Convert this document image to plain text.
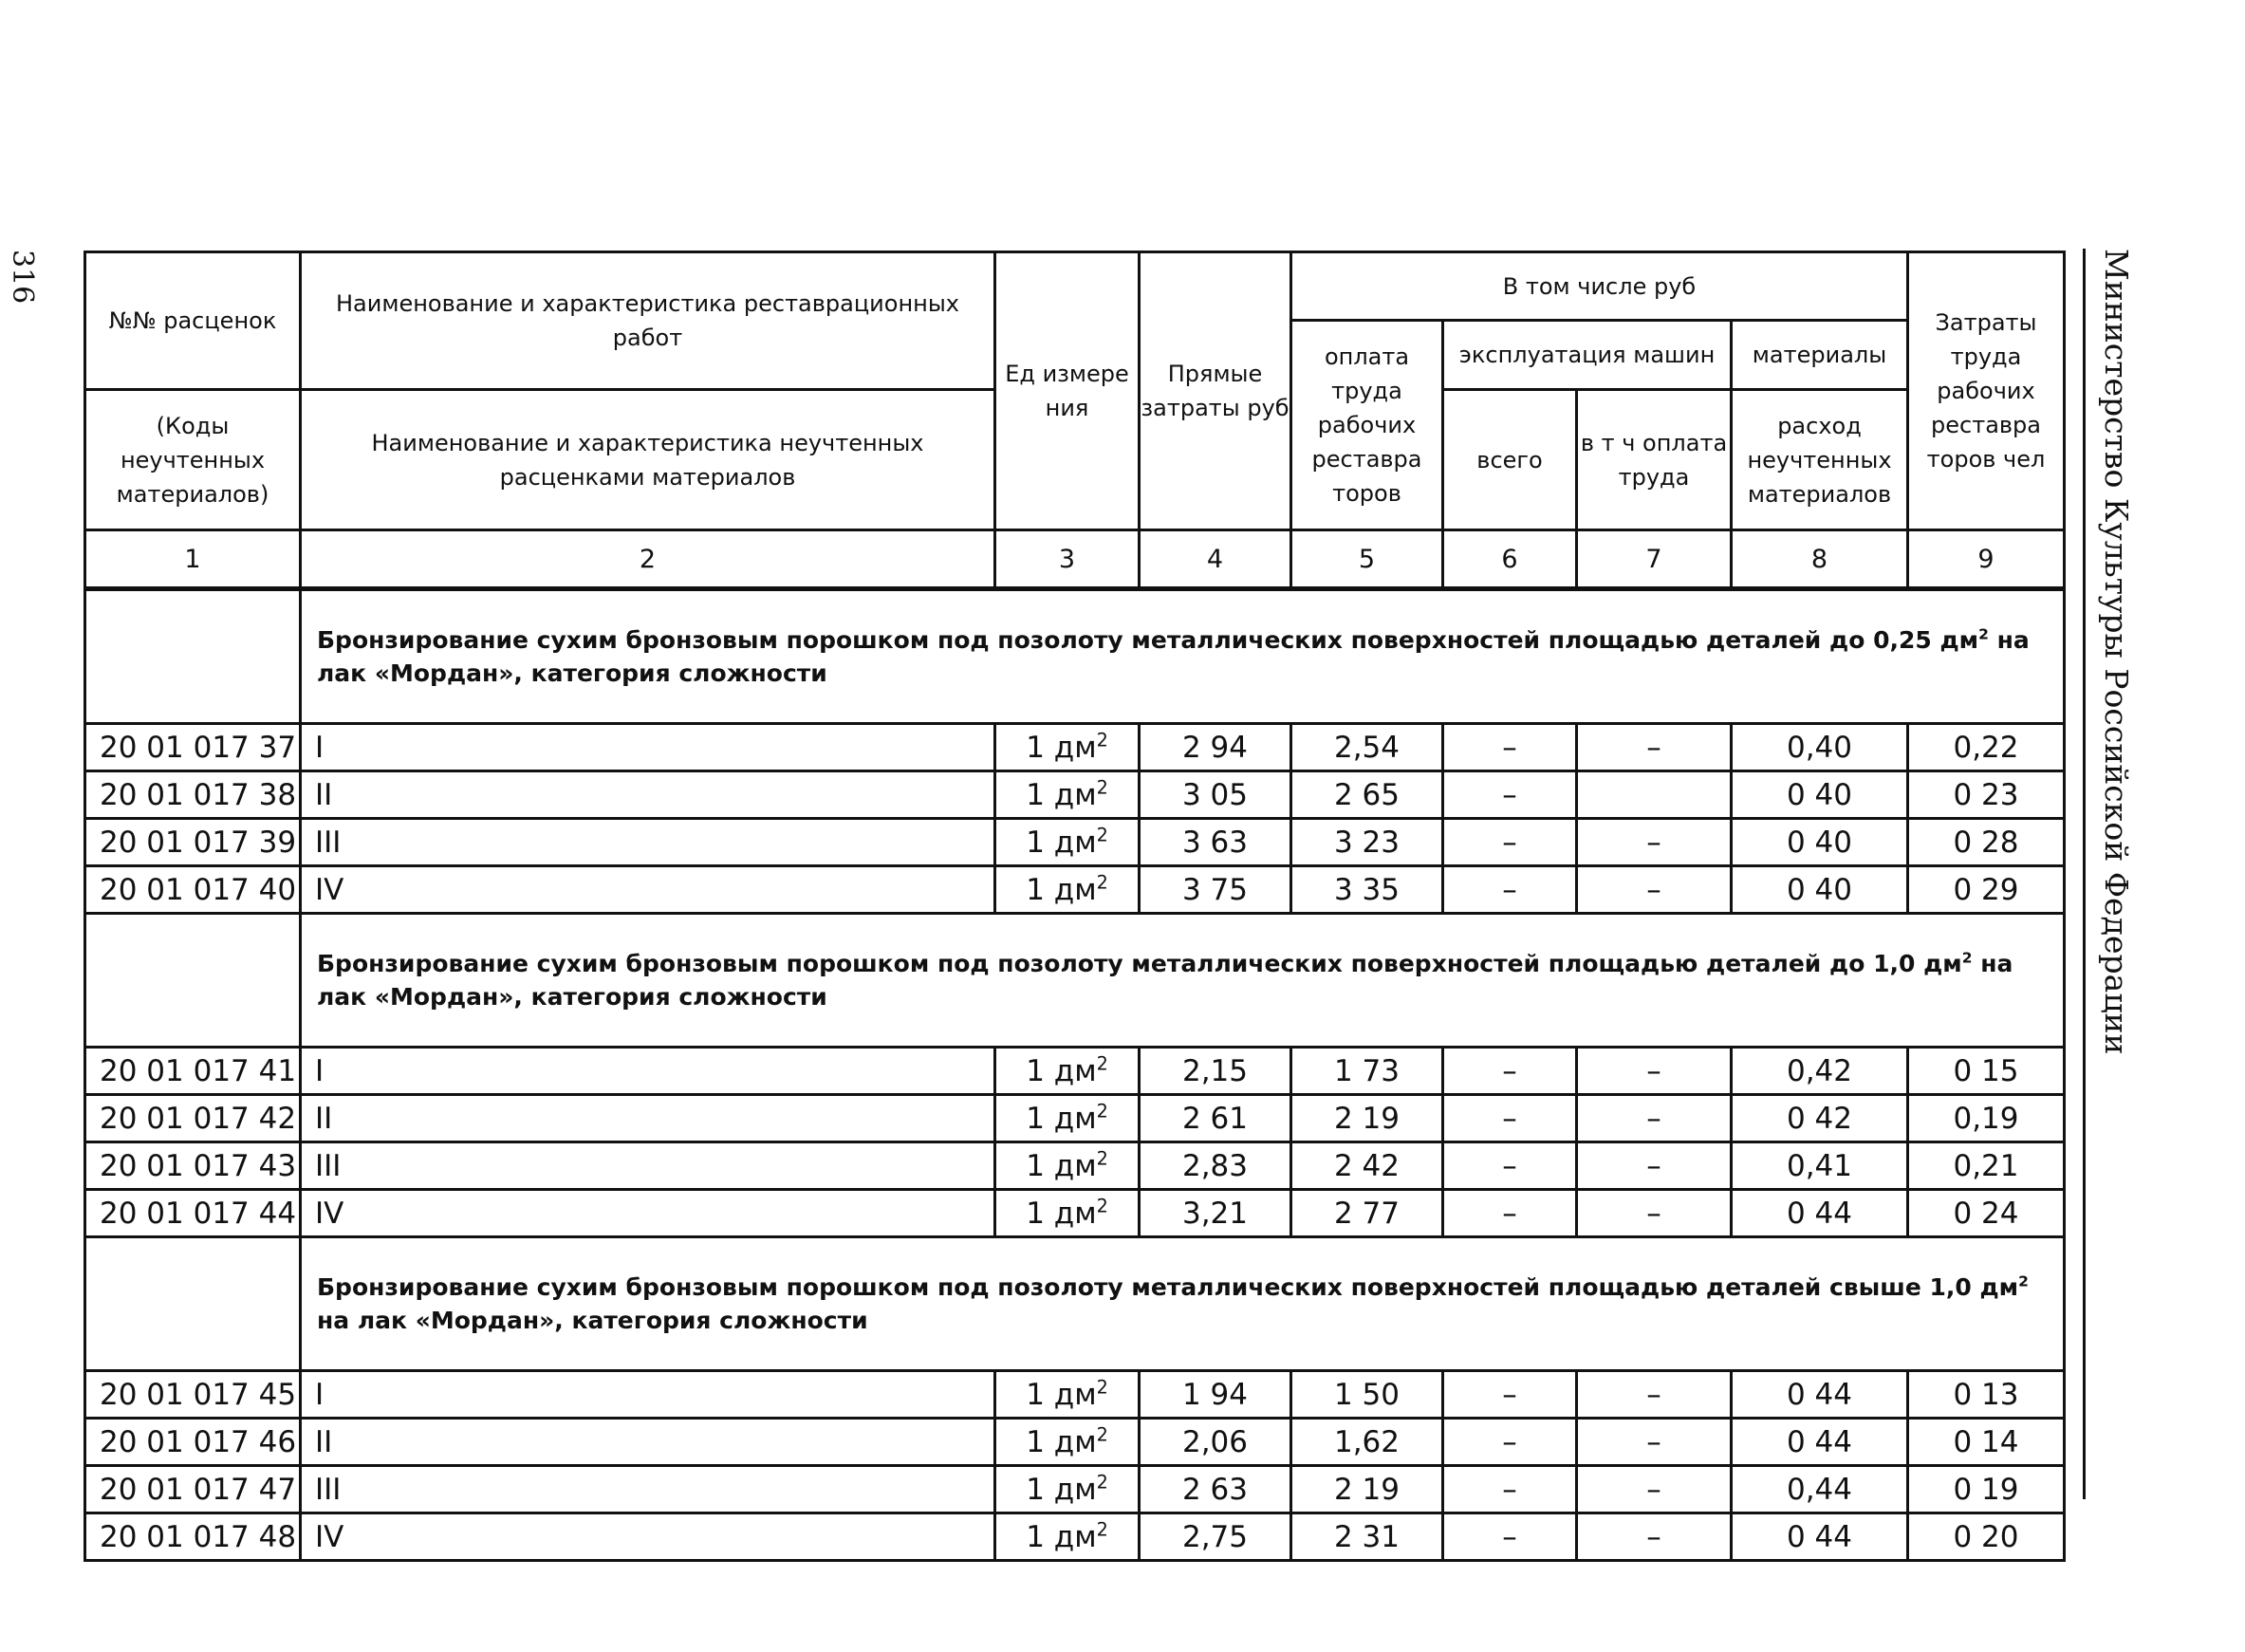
316	Министерство Культуры Российской Федерации
№№ расценок	Наименование и характеристика реставрационных работ	Ед измере ния	Прямые затраты руб	В том числе руб				Затраты труда рабочих реставра торов чел
				оплата труда рабочих реставра торов	эксплуатация машин		материалы	
(Коды неучтенных материалов)	Наименование и характеристика неучтенных расценками материалов				всего	в т ч оплата труда	расход неучтенных материалов	
1	2	3	4	5	6	7	8	9
	Бронзирование сухим бронзовым порошком под позолоту металлических поверхностей площадью деталей до 0,25 $дм^2$ на лак «Мордан», категория сложности							
20 01 017 37	I	1 $дм^2$	2 94	2,54	–	–	0,40	0,22
20 01 017 38	II	1 $дм^2$	3 05	2 65	–		0 40	0 23
20 01 017 39	III	1 $дм^2$	3 63	3 23	–	–	0 40	0 28
20 01 017 40	IV	1 $дм^2$	3 75	3 35	–	–	0 40	0 29
	Бронзирование сухим бронзовым порошком под позолоту металлических поверхностей площадью деталей до 1,0 $дм^2$ на лак «Мордан», категория сложности							
20 01 017 41	I	1 $дм^2$	2,15	1 73	–	–	0,42	0 15
20 01 017 42	II	1 $дм^2$	2 61	2 19	–	–	0 42	0,19
20 01 017 43	III	1 $дм^2$	2,83	2 42	–	–	0,41	0,21
20 01 017 44	IV	1 $дм^2$	3,21	2 77	–	–	0 44	0 24
	Бронзирование сухим бронзовым порошком под позолоту металлических поверхностей площадью деталей свыше 1,0 $дм^2$ на лак «Мордан», категория сложности							
20 01 017 45	I	1 $дм^2$	1 94	1 50	–	–	0 44	0 13
20 01 017 46	II	1 $дм^2$	2,06	1,62	–	–	0 44	0 14
20 01 017 47	III	1 $дм^2$	2 63	2 19	–	–	0,44	0 19
20 01 017 48	IV	1 $дм^2$	2,75	2 31	–	–	0 44	0 20
